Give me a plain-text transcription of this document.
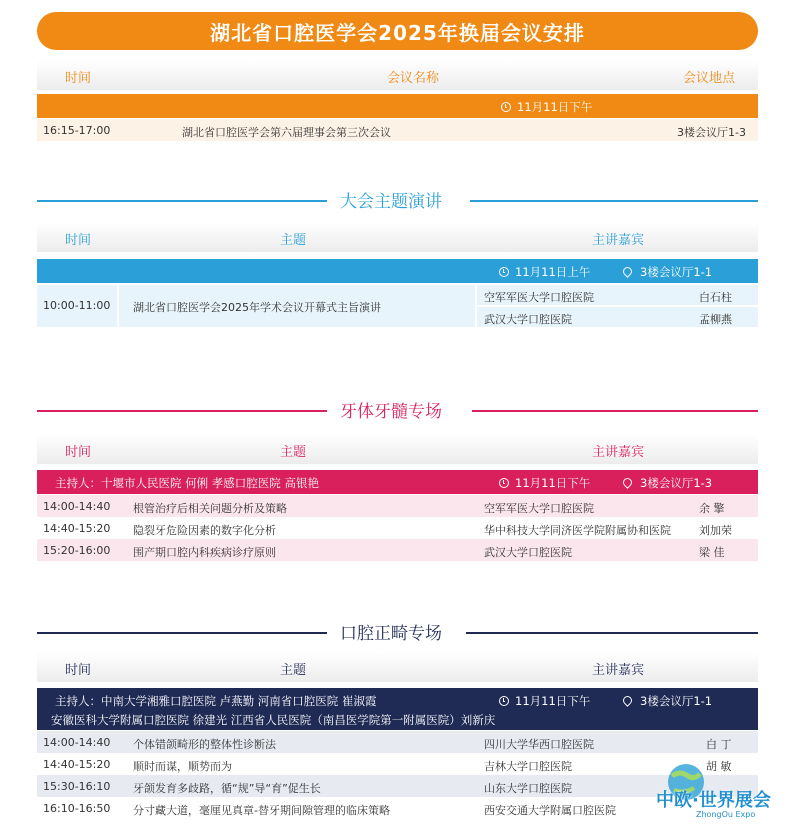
湖北省口腔医学会2025年换届会议安排
时间	会议名称	会议地点
11月11日下午
16:15-17:00	湖北省口腔医学会第六届理事会第三次会议	3楼会议厅1-3
大会主题演讲
时间	主题	主讲嘉宾
11月11日上午	3楼会议厅1-1
10:00-11:00 湖北省口腔医学会2025年学术会议开幕式主旨演讲
空军军医大学口腔医院	白石柱
武汉大学口腔医院	孟柳燕
牙体牙髓专场
时间	主题	主讲嘉宾
主持人：十堰市人民医院 何俐 孝感口腔医院 高银艳	11月11日下午	3楼会议厅1-3
14:00-14:40 根管治疗后相关问题分析及策略	空军军医大学口腔医院	余 擎
14:40-15:20 隐裂牙危险因素的数字化分析	华中科技大学同济医学院附属协和医院	刘加荣
15:20-16:00 围产期口腔内科疾病诊疗原则	武汉大学口腔医院	梁 佳
口腔正畸专场
时间	主题	主讲嘉宾
主持人：中南大学湘雅口腔医院 卢燕勤 河南省口腔医院 崔淑霞
安徽医科大学附属口腔医院 徐建光 江西省人民医院（南昌医学院第一附属医院）刘新庆
11月11日下午	3楼会议厅1-1
14:00-14:40 个体错颌畸形的整体性诊断法	四川大学华西口腔医院	白 丁
14:40-15:20 顺时而谋，顺势而为	吉林大学口腔医院	胡 敏
15:30-16:10 牙颌发育多歧路，循“规”导“育”促生长	山东大学口腔医院
16:10-16:50 分寸藏大道，毫厘见真章-替牙期间隙管理的临床策略	西安交通大学附属口腔医院 中欧·世界展会
ZhongOu Expo
